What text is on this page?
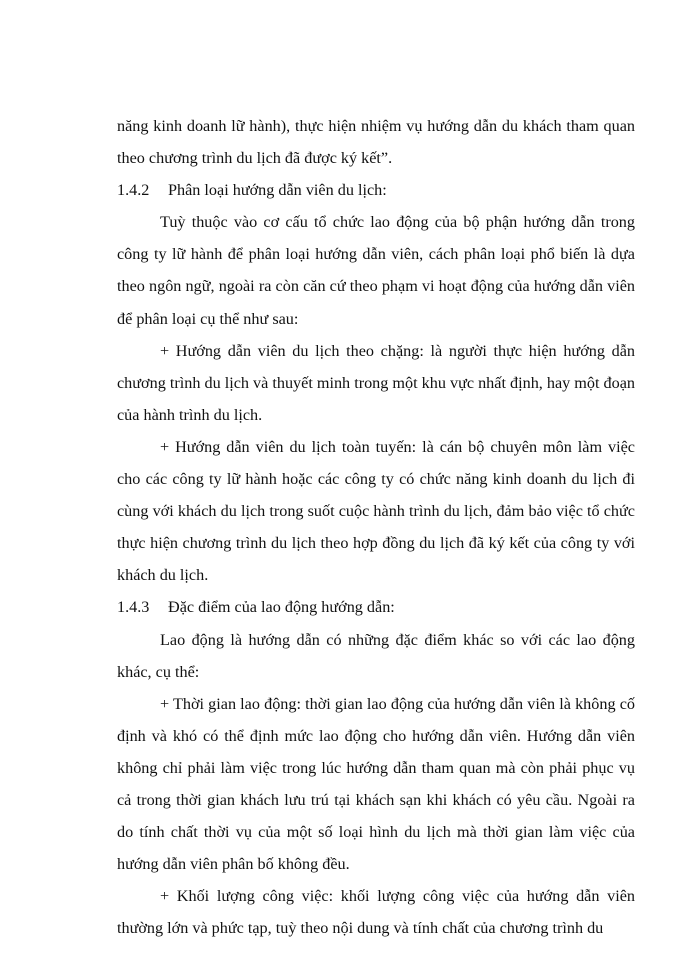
năng kinh doanh lữ hành), thực hiện nhiệm vụ hướng dẫn du khách tham quan theo chương trình du lịch đã được ký kết”.

1.4.2 Phân loại hướng dẫn viên du lịch:

Tuỳ thuộc vào cơ cấu tổ chức lao động của bộ phận hướng dẫn trong công ty lữ hành để phân loại hướng dẫn viên, cách phân loại phổ biến là dựa theo ngôn ngữ, ngoài ra còn căn cứ theo phạm vi hoạt động của hướng dẫn viên để phân loại cụ thể như sau:

+ Hướng dẫn viên du lịch theo chặng: là người thực hiện hướng dẫn chương trình du lịch và thuyết minh trong một khu vực nhất định, hay một đoạn của hành trình du lịch.

+ Hướng dẫn viên du lịch toàn tuyến: là cán bộ chuyên môn làm việc cho các công ty lữ hành hoặc các công ty có chức năng kinh doanh du lịch đi cùng với khách du lịch trong suốt cuộc hành trình du lịch, đảm bảo việc tổ chức thực hiện chương trình du lịch theo hợp đồng du lịch đã ký kết của công ty với khách du lịch.

1.4.3 Đặc điểm của lao động hướng dẫn:

Lao động là hướng dẫn có những đặc điểm khác so với các lao động khác, cụ thể:

+ Thời gian lao động: thời gian lao động của hướng dẫn viên là không cố định và khó có thể định mức lao động cho hướng dẫn viên. Hướng dẫn viên không chỉ phải làm việc trong lúc hướng dẫn tham quan mà còn phải phục vụ cả trong thời gian khách lưu trú tại khách sạn khi khách có yêu cầu. Ngoài ra do tính chất thời vụ của một số loại hình du lịch mà thời gian làm việc của hướng dẫn viên phân bố không đều.

+ Khối lượng công việc: khối lượng công việc của hướng dẫn viên thường lớn và phức tạp, tuỳ theo nội dung và tính chất của chương trình du
